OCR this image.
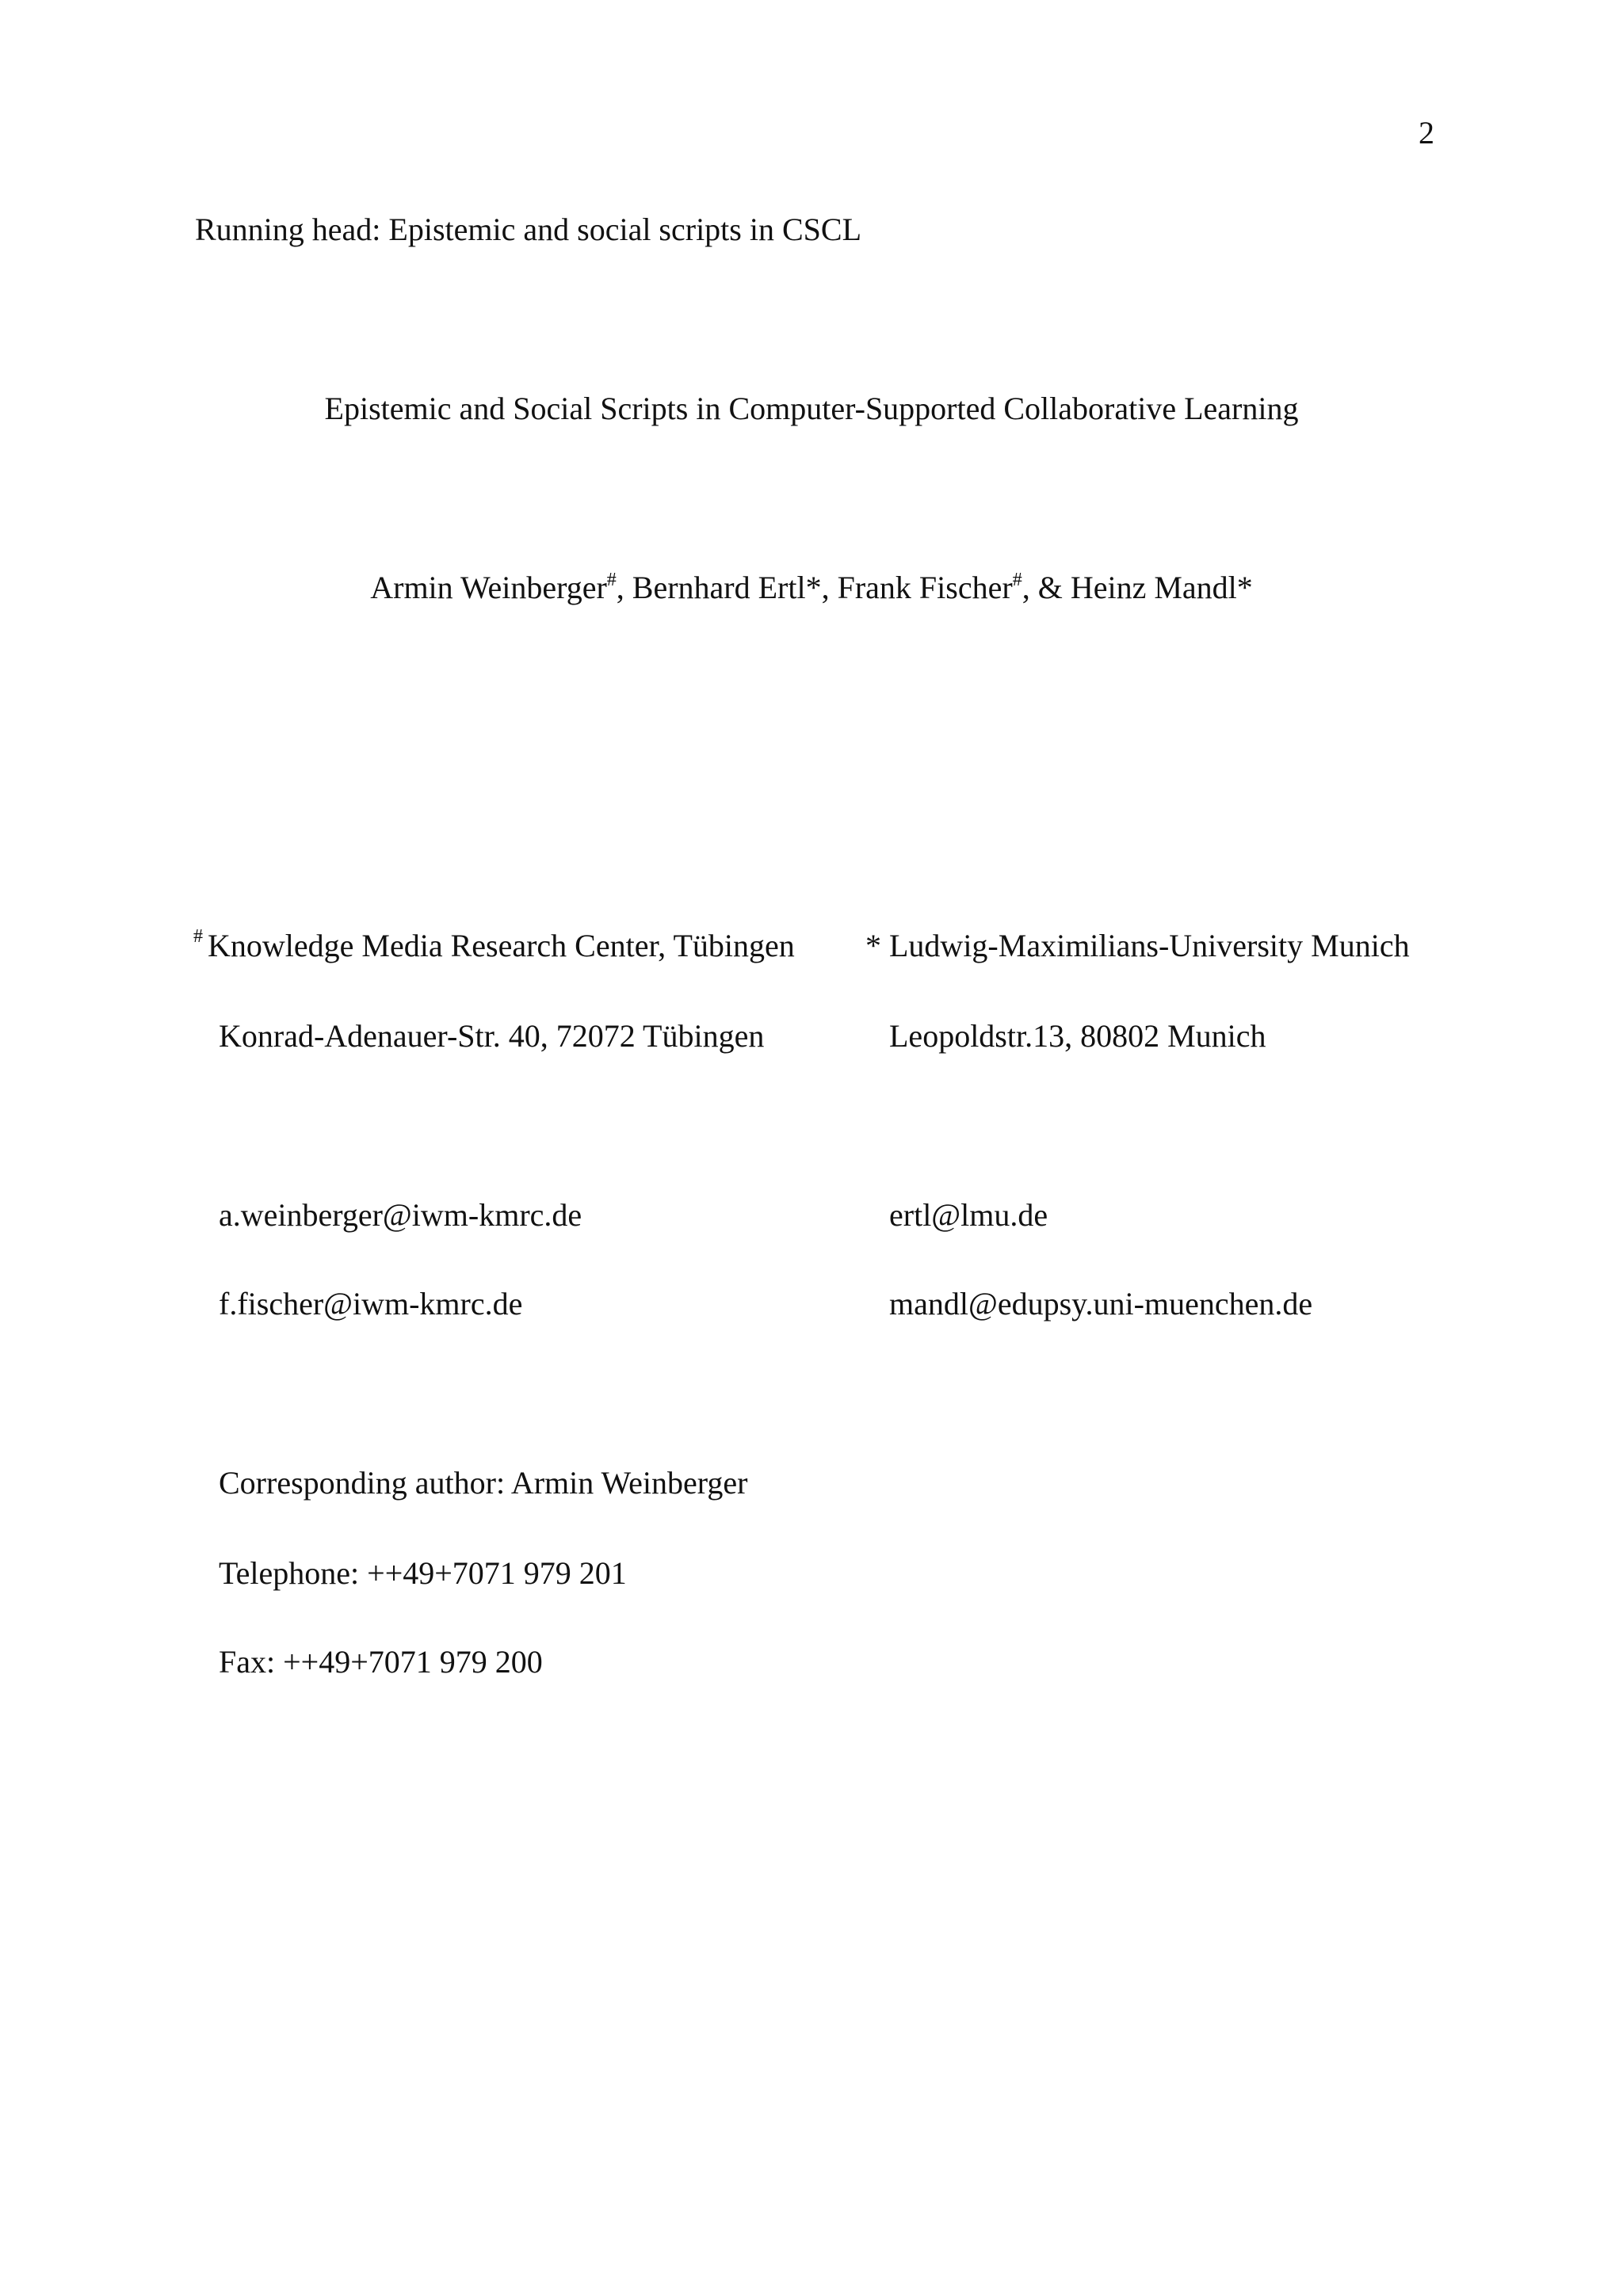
2
Running head: Epistemic and social scripts in CSCL
Epistemic and Social Scripts in Computer-Supported Collaborative Learning
Armin Weinberger#, Bernhard Ertl*, Frank Fischer#, & Heinz Mandl*
# Knowledge Media Research Center, Tübingen * Ludwig-Maximilians-University Munich
Konrad-Adenauer-Str. 40, 72072 Tübingen	Leopoldstr.13, 80802 Munich
a.weinberger@iwm-kmrc.de	ertl@lmu.de
f.fischer@iwm-kmrc.de	mandl@edupsy.uni-muenchen.de
Corresponding author: Armin Weinberger
Telephone: ++49+7071 979 201
Fax: ++49+7071 979 200
